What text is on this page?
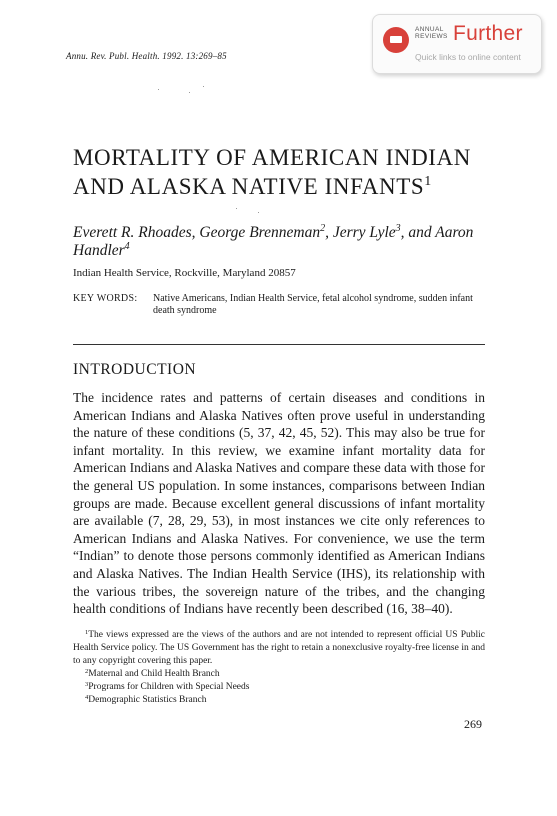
Annu. Rev. Publ. Health. 1992. 13:269–85
ANNUAL
REVIEWS Further
Quick links to online content
MORTALITY OF AMERICAN INDIAN AND ALASKA NATIVE INFANTS$^1$
Everett R. Rhoades, George Brenneman$^2$, Jerry Lyle$^3$, and Aaron Handler$^4$
Indian Health Service, Rockville, Maryland 20857
KEY WORDS: Native Americans, Indian Health Service, fetal alcohol syndrome, sudden infant death syndrome
INTRODUCTION

The incidence rates and patterns of certain diseases and conditions in American Indians and Alaska Natives often prove useful in understanding the nature of these conditions (5, 37, 42, 45, 52). This may also be true for infant mortality. In this review, we examine infant mortality data for American Indians and Alaska Natives and compare these data with those for the general US population. In some instances, comparisons between Indian groups are made. Because excellent general discussions of infant mortality are available (7, 28, 29, 53), in most instances we cite only references to American Indians and Alaska Natives. For convenience, we use the term “Indian” to denote those persons commonly identified as American Indians and Alaska Natives. The Indian Health Service (IHS), its relationship with the various tribes, the sovereign nature of the tribes, and the changing health conditions of Indians have recently been described (16, 38–40).

$^1$The views expressed are the views of the authors and are not intended to represent official US Public Health Service policy. The US Government has the right to retain a nonexclusive royalty-free license in and to any copyright covering this paper.

$^2$Maternal and Child Health Branch

$^3$Programs for Children with Special Needs

$^4$Demographic Statistics Branch

269
